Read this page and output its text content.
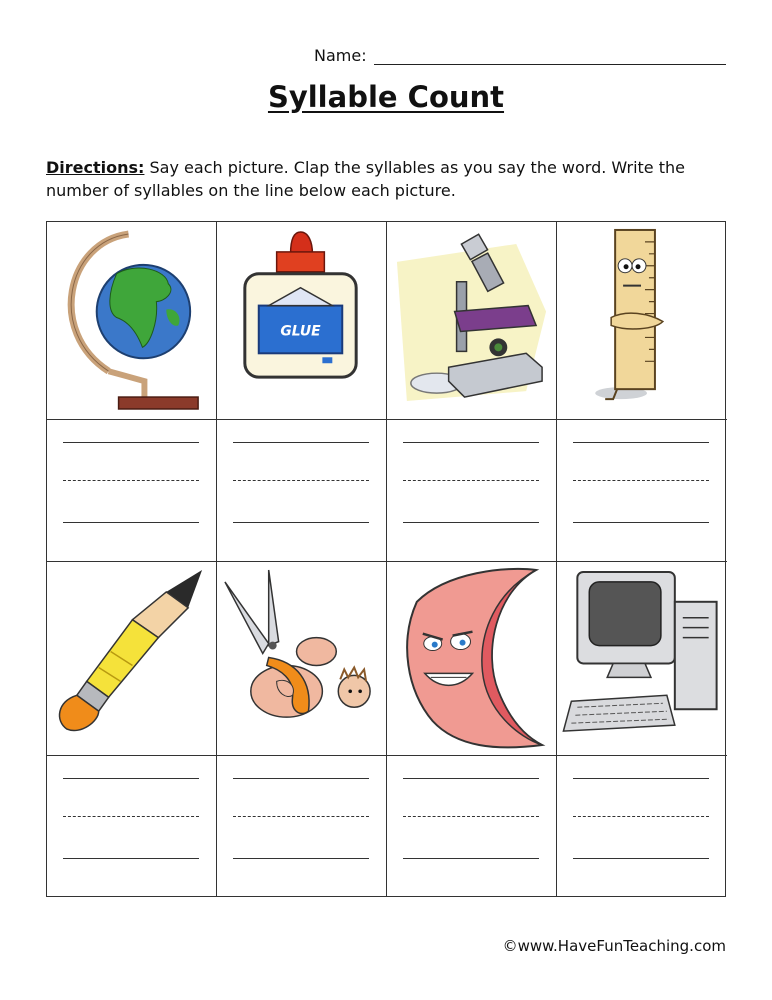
Name:
Syllable Count
Directions: Say each picture. Clap the syllables as you say the word. Write the number of syllables on the line below each picture.
GLUE
©www.HaveFunTeaching.com
